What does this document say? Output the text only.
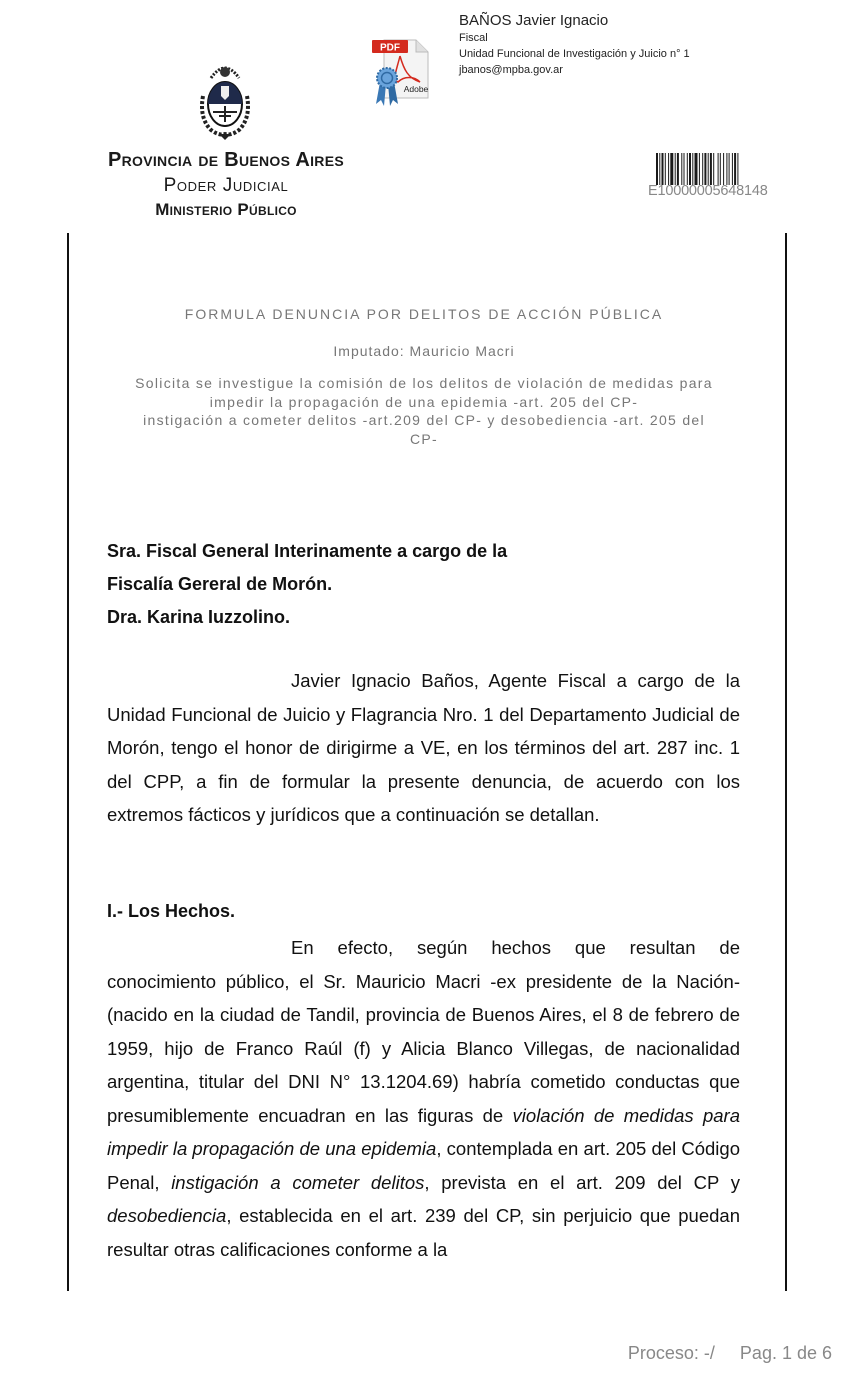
PDF
Adobe
BAÑOS Javier Ignacio
Fiscal
Unidad Funcional de Investigación y Juicio n° 1
jbanos@mpba.gov.ar
Provincia de Buenos Aires
Poder Judicial
Ministerio Público
E10000005648148
FORMULA DENUNCIA POR DELITOS DE ACCIÓN PÚBLICA
Imputado: Mauricio Macri
Solicita se investigue la comisión de los delitos de violación de medidas para
impedir la propagación de una epidemia -art. 205 del CP-
instigación a cometer delitos -art.209 del CP- y desobediencia -art. 205 del
CP-
Sra. Fiscal General Interinamente a cargo de la
Fiscalía Gereral de Morón.
Dra. Karina Iuzzolino.

Javier Ignacio Baños, Agente Fiscal a cargo de la Unidad Funcional de Juicio y Flagrancia Nro. 1 del Departamento Judicial de Morón, tengo el honor de dirigirme a VE, en los términos del art. 287 inc. 1 del CPP, a fin de formular la presente denuncia, de acuerdo con los extremos fácticos y jurídicos que a continuación se detallan.

I.- Los Hechos.

En efecto, según hechos que resultan de conocimiento público, el Sr. Mauricio Macri -ex presidente de la Nación- (nacido en la ciudad de Tandil, provincia de Buenos Aires, el 8 de febrero de 1959, hijo de Franco Raúl (f) y Alicia Blanco Villegas, de nacionalidad argentina, titular del DNI N° 13.1204.69) habría cometido conductas que presumiblemente encuadran en las figuras de violación de medidas para impedir la propagación de una epidemia, contemplada en art. 205 del Código Penal, instigación a cometer delitos, prevista en el art. 209 del CP y desobediencia, establecida en el art. 239 del CP, sin perjuicio que puedan resultar otras calificaciones conforme a la

Proceso: -/ Pag. 1 de 6
